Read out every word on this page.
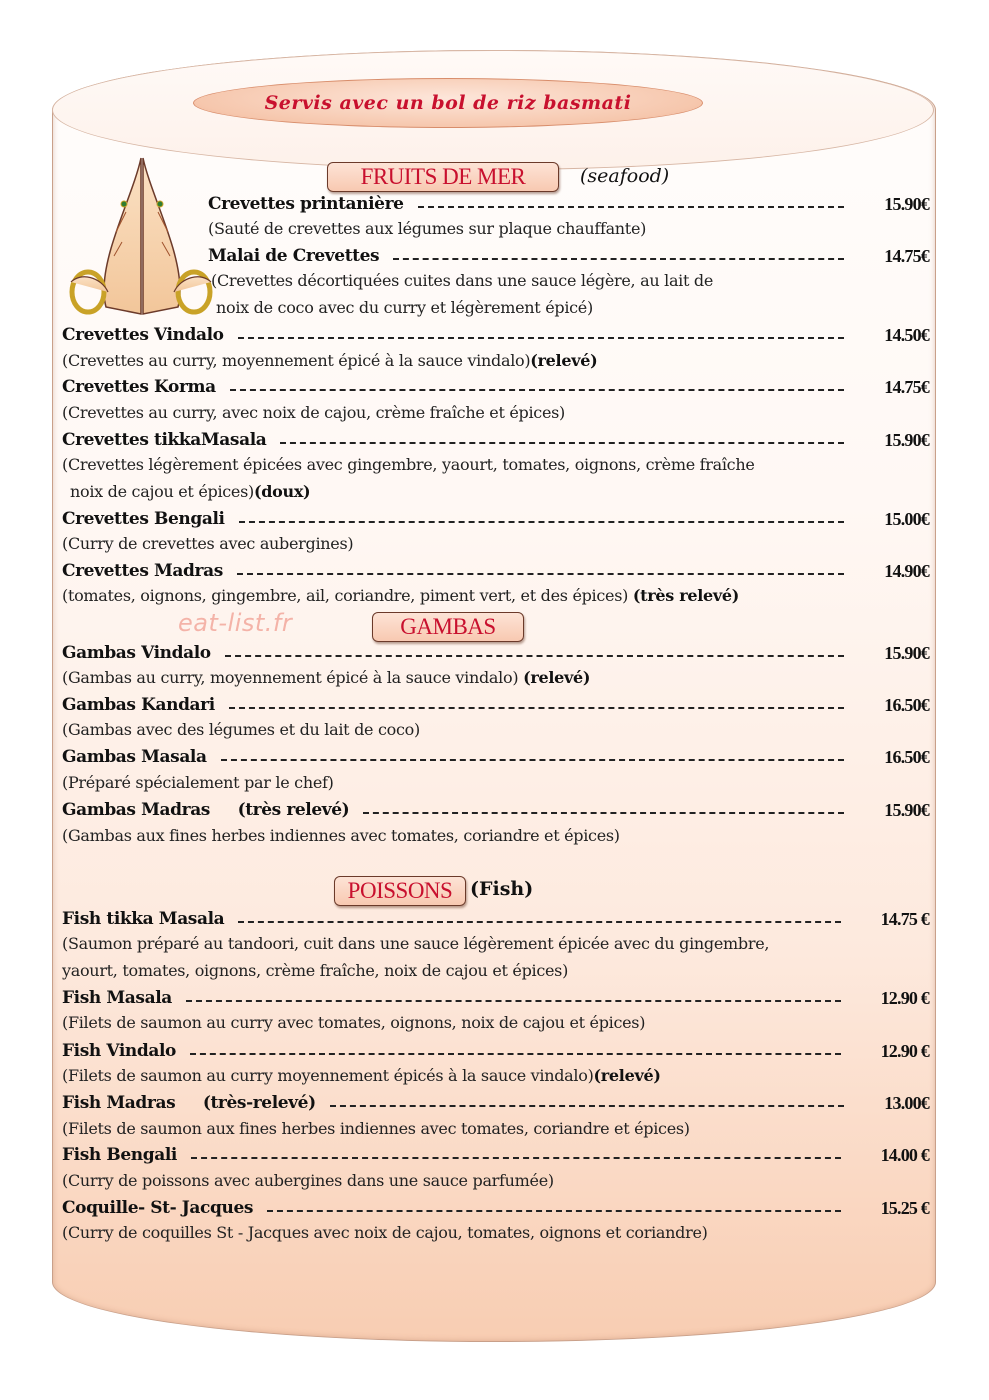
Servis avec un bol de riz basmati
FRUITS DE MER	(seafood)
GAMBAS
eat-list.fr
POISSONS (Fish)
Crevettes printanière	15.90€
(Sauté de crevettes aux légumes sur plaque chauffante)
Malai de Crevettes	14.75€
(Crevettes décortiquées cuites dans une sauce légère, au lait de
noix de coco avec du curry et légèrement épicé)
Crevettes Vindalo	14.50€
(Crevettes au curry, moyennement épicé à la sauce vindalo)(relevé)
Crevettes Korma	14.75€
(Crevettes au curry, avec noix de cajou, crème fraîche et épices)
Crevettes tikkaMasala	15.90€
(Crevettes légèrement épicées avec gingembre, yaourt, tomates, oignons, crème fraîche
noix de cajou et épices)(doux)
Crevettes Bengali	15.00€
(Curry de crevettes avec aubergines)
Crevettes Madras	14.90€
(tomates, oignons, gingembre, ail, coriandre, piment vert, et des épices) (très relevé)
Gambas Vindalo	15.90€
(Gambas au curry, moyennement épicé à la sauce vindalo) (relevé)
Gambas Kandari	16.50€
(Gambas avec des légumes et du lait de coco)
Gambas Masala	16.50€
(Préparé spécialement par le chef)
Gambas Madras     (très relevé)	15.90€
(Gambas aux fines herbes indiennes avec tomates, coriandre et épices)
Fish tikka Masala	14.75 €
(Saumon préparé au tandoori, cuit dans une sauce légèrement épicée avec du gingembre,
yaourt, tomates, oignons, crème fraîche, noix de cajou et épices)
Fish Masala	12.90 €
(Filets de saumon au curry avec tomates, oignons, noix de cajou et épices)
Fish Vindalo	12.90 €
(Filets de saumon au curry moyennement épicés à la sauce vindalo)(relevé)
Fish Madras     (très-relevé)	13.00€
(Filets de saumon aux fines herbes indiennes avec tomates, coriandre et épices)
Fish Bengali	14.00 €
(Curry de poissons avec aubergines dans une sauce parfumée)
Coquille- St- Jacques	15.25 €
(Curry de coquilles St - Jacques avec noix de cajou, tomates, oignons et coriandre)
